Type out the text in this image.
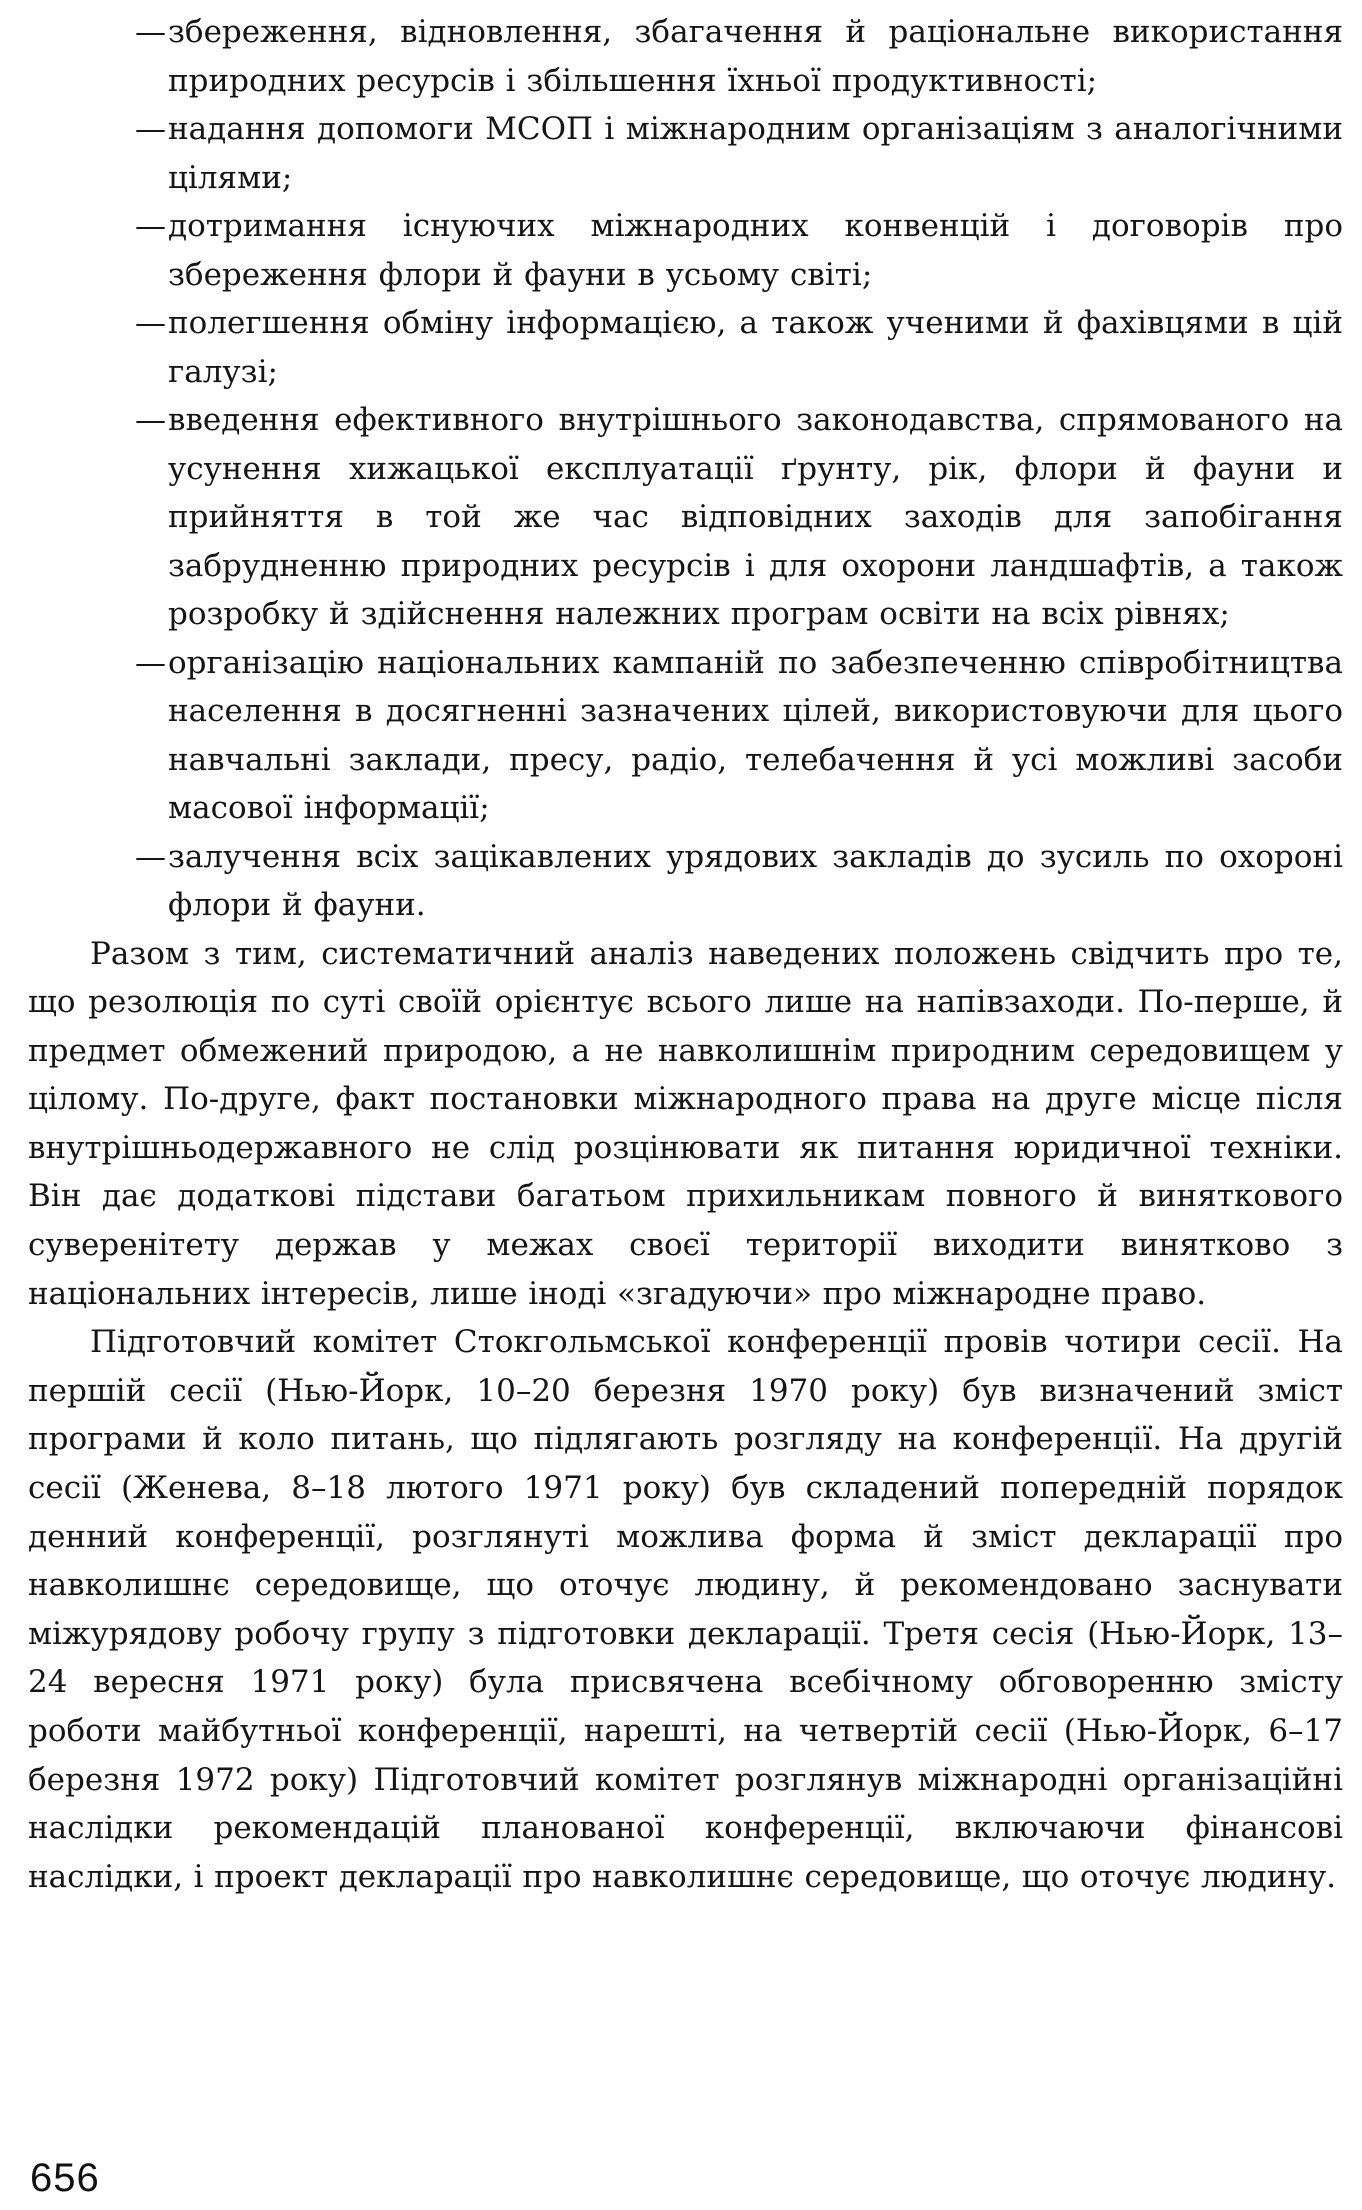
— збереження, відновлення, збагачення й раціональне використання природних ресурсів і збільшення їхньої продуктивності;
— надання допомоги МСОП і міжнародним організаціям з аналогічними цілями;
— дотримання існуючих міжнародних конвенцій і договорів про збереження флори й фауни в усьому світі;
— полегшення обміну інформацією, а також ученими й фахівцями в цій галузі;
— введення ефективного внутрішнього законодавства, спрямованого на усунення хижацької експлуатації ґрунту, рік, флори й фауни и прийняття в той же час відповідних заходів для запобігання забрудненню природних ресурсів і для охорони ландшафтів, а також розробку й здійснення належних програм освіти на всіх рівнях;
— організацію національних кампаній по забезпеченню співробітництва населення в досягненні зазначених цілей, використовуючи для цього навчальні заклади, пресу, радіо, телебачення й усі можливі засоби масової інформації;
— залучення всіх зацікавлених урядових закладів до зусиль по охороні флори й фауни.

Разом з тим, систематичний аналіз наведених положень свідчить про те, що резолюція по суті своїй орієнтує всього лише на напівзаходи. По-перше, й предмет обмежений природою, а не навколишнім природним середовищем у цілому. По-друге, факт постановки міжнародного права на друге місце після внутрішньодержавного не слід розцінювати як питання юридичної техніки. Він дає додаткові підстави багатьом прихильникам повного й виняткового суверенітету держав у межах своєї території виходити винятково з національних інтересів, лише іноді «згадуючи» про міжнародне право.

Підготовчий комітет Стокгольмської конференції провів чотири сесії. На першій сесії (Нью-Йорк, 10–20 березня 1970 року) був визначений зміст програми й коло питань, що підлягають розгляду на конференції. На другій сесії (Женева, 8–18 лютого 1971 року) був складений попередній порядок денний конференції, розглянуті можлива форма й зміст декларації про навколишнє середовище, що оточує людину, й рекомендовано заснувати міжурядову робочу групу з підготовки декларації. Третя сесія (Нью-Йорк, 13–24 вересня 1971 року) була присвячена всебічному обговоренню змісту роботи майбутньої конференції, нарешті, на четвертій сесії (Нью-Йорк, 6–17 березня 1972 року) Підготовчий комітет розглянув міжнародні організаційні наслідки рекомендацій планованої конференції, включаючи фінансові наслідки, і проект декларації про навколишнє середовище, що оточує людину.

656
